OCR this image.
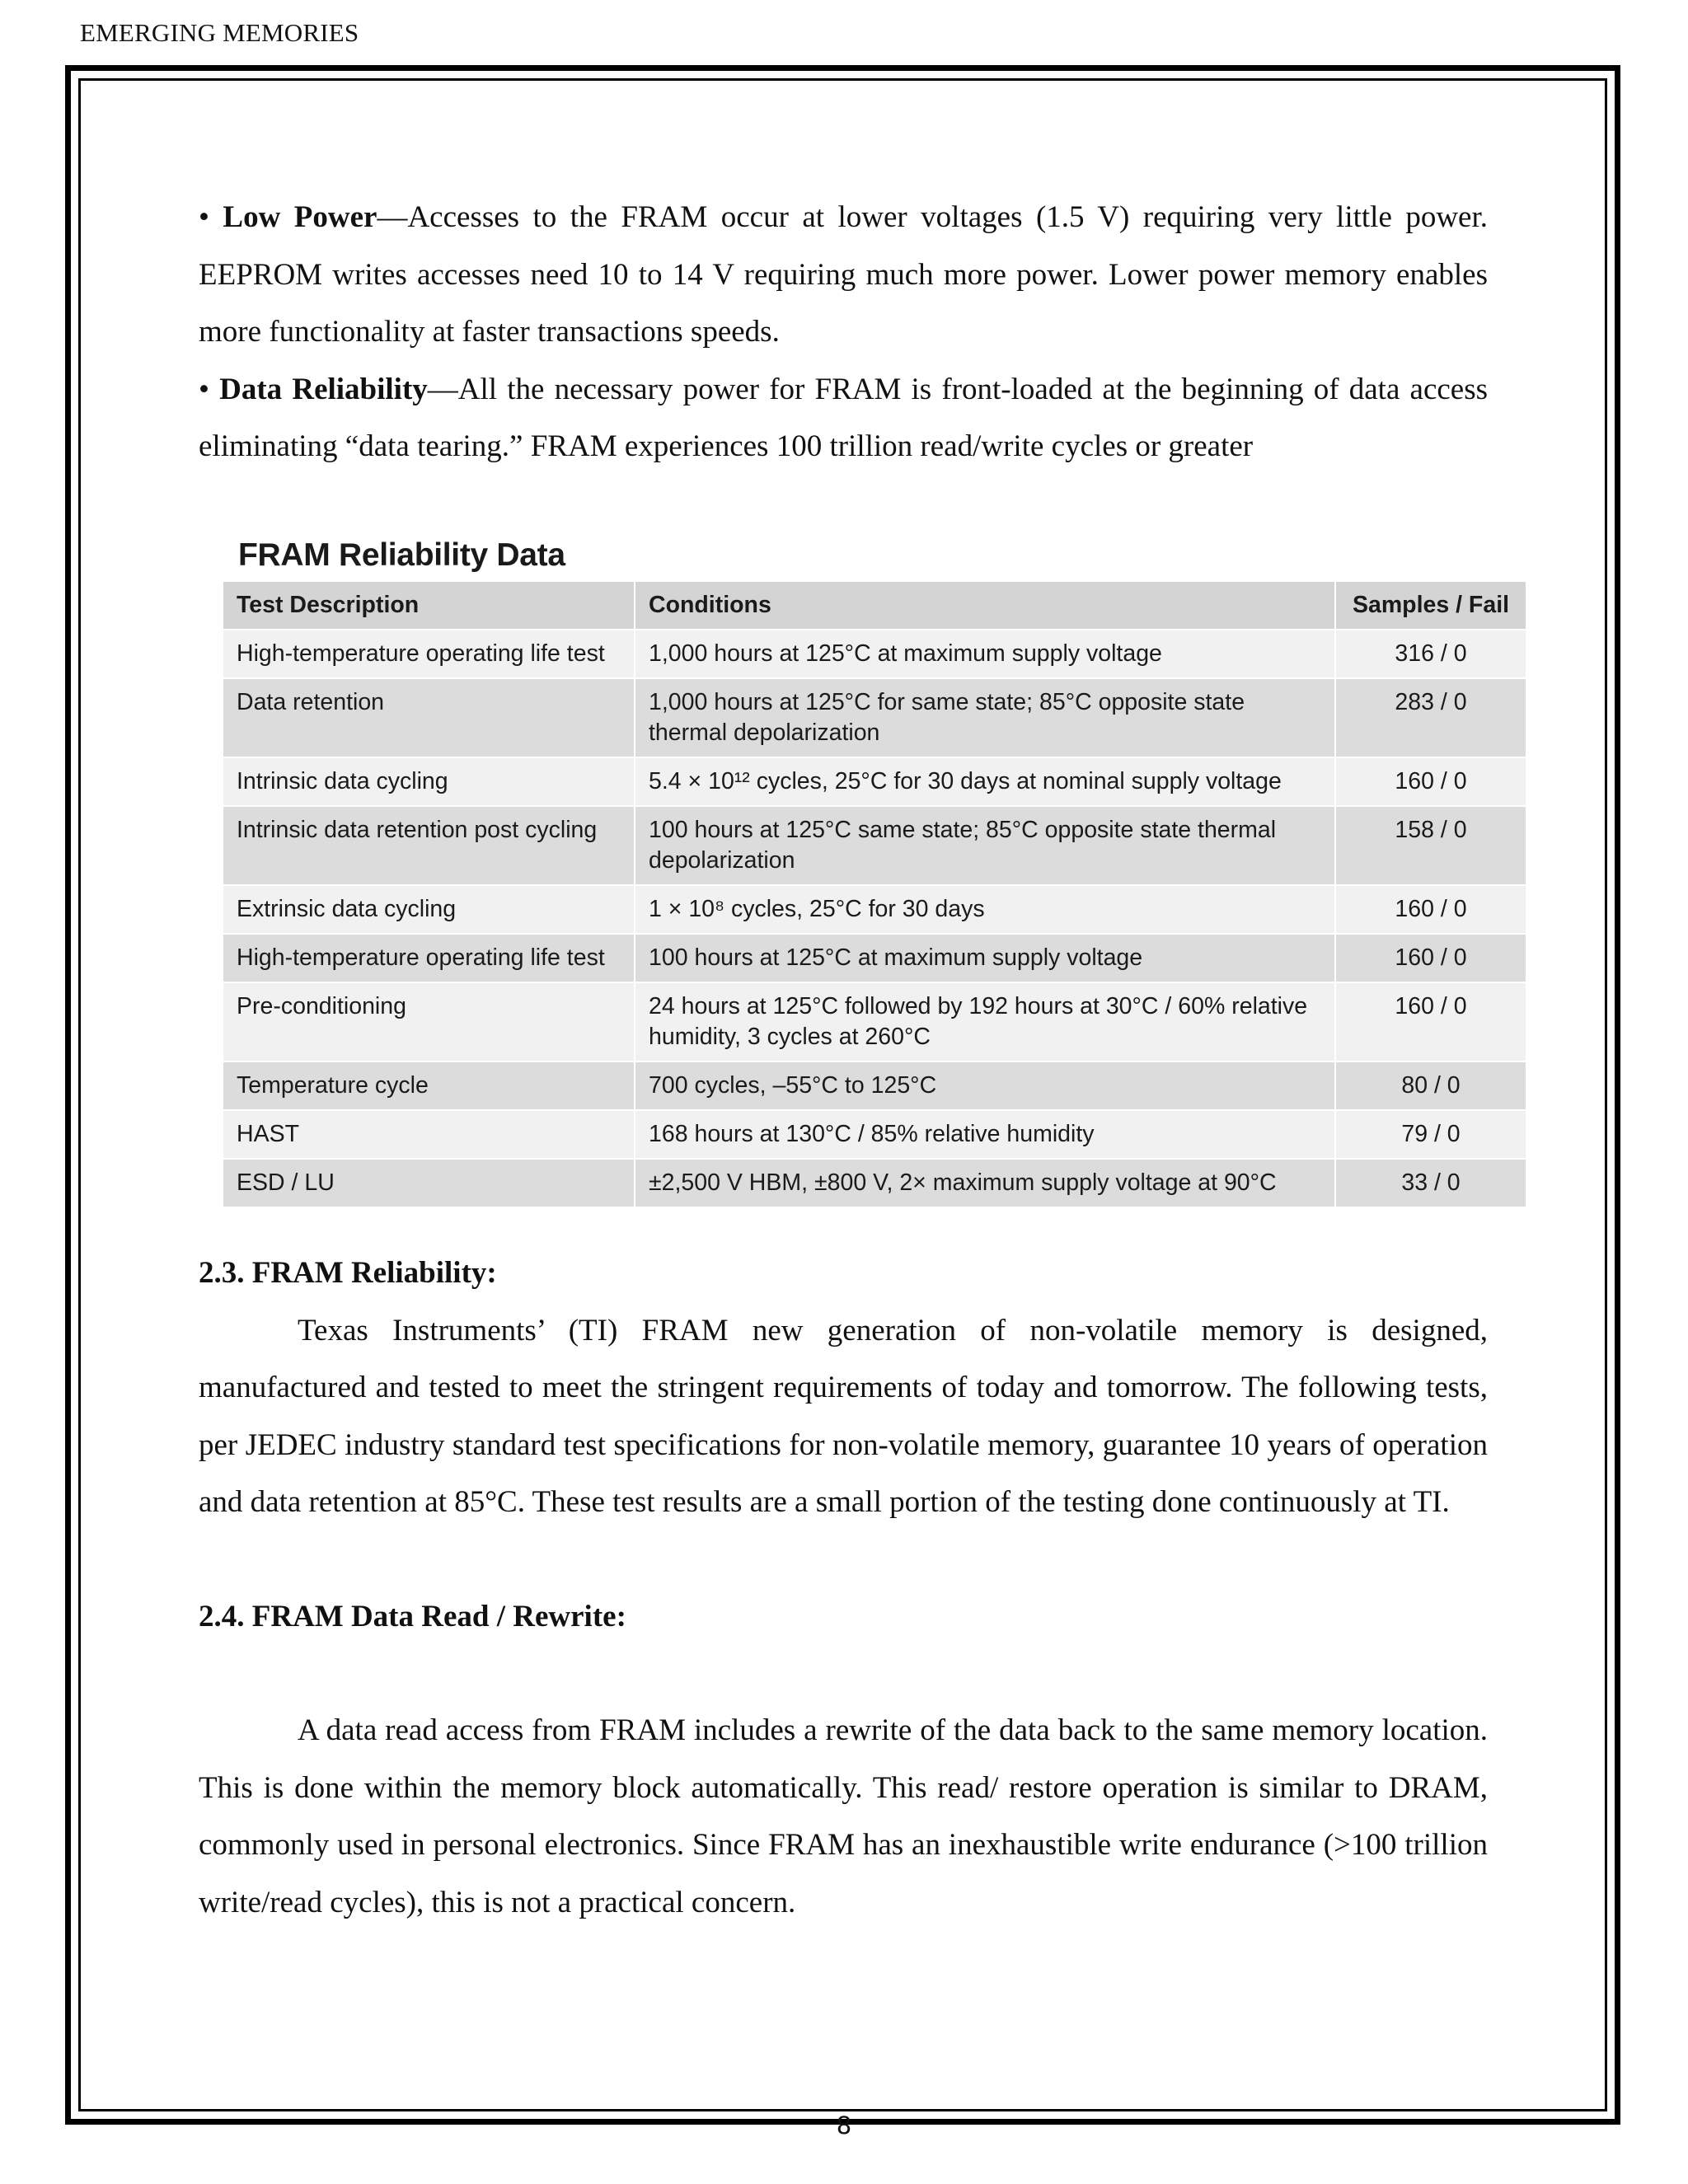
EMERGING MEMORIES

• Low Power—Accesses to the FRAM occur at lower voltages (1.5 V) requiring very little power. EEPROM writes accesses need 10 to 14 V requiring much more power. Lower power memory enables more functionality at faster transactions speeds.

• Data Reliability—All the necessary power for FRAM is front-loaded at the beginning of data access eliminating “data tearing.” FRAM experiences 100 trillion read/write cycles or greater

FRAM Reliability Data
Test Description	Conditions	Samples / Fail
High-temperature operating life test	1,000 hours at 125°C at maximum supply voltage	316 / 0
Data retention	1,000 hours at 125°C for same state; 85°C opposite state thermal depolarization	283 / 0
Intrinsic data cycling	5.4 × 10¹² cycles, 25°C for 30 days at nominal supply voltage	160 / 0
Intrinsic data retention post cycling	100 hours at 125°C same state; 85°C opposite state thermal depolarization	158 / 0
Extrinsic data cycling	1 × 10⁸ cycles, 25°C for 30 days	160 / 0
High-temperature operating life test	100 hours at 125°C at maximum supply voltage	160 / 0
Pre-conditioning	24 hours at 125°C followed by 192 hours at 30°C / 60% relative humidity, 3 cycles at 260°C	160 / 0
Temperature cycle	700 cycles, –55°C to 125°C	80 / 0
HAST	168 hours at 130°C / 85% relative humidity	79 / 0
ESD / LU	±2,500 V HBM, ±800 V, 2× maximum supply voltage at 90°C	33 / 0

2.3. FRAM Reliability:

Texas Instruments’ (TI) FRAM new generation of non-volatile memory is designed, manufactured and tested to meet the stringent requirements of today and tomorrow. The following tests, per JEDEC industry standard test specifications for non-volatile memory, guarantee 10 years of operation and data retention at 85°C. These test results are a small portion of the testing done continuously at TI.

2.4. FRAM Data Read / Rewrite:

A data read access from FRAM includes a rewrite of the data back to the same memory location. This is done within the memory block automatically. This read/ restore operation is similar to DRAM, commonly used in personal electronics. Since FRAM has an inexhaustible write endurance (>100 trillion write/read cycles), this is not a practical concern.

8
